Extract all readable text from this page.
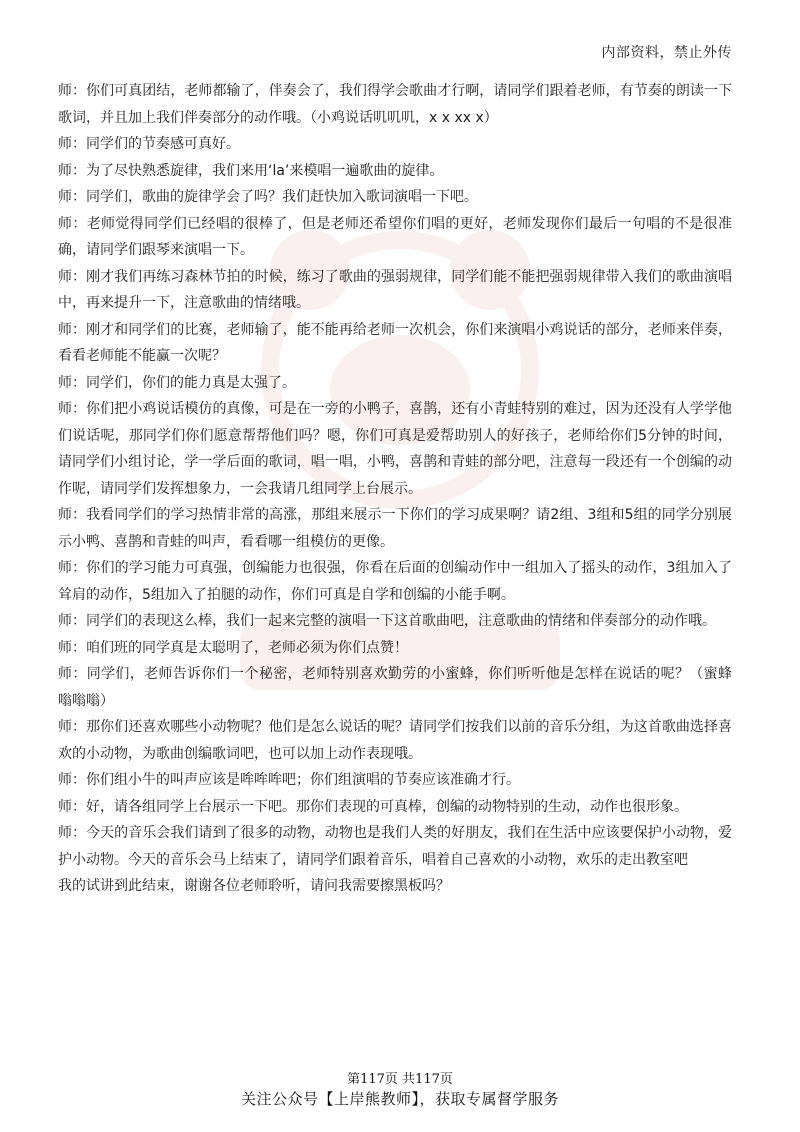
内部资料，禁止外传

师：你们可真团结，老师都输了，伴奏会了，我们得学会歌曲才行啊，请同学们跟着老师，有节奏的朗读一下歌词，并且加上我们伴奏部分的动作哦。（小鸡说话叽叽叽，x x xx x）

师：同学们的节奏感可真好。

师：为了尽快熟悉旋律，我们来用‘la’来模唱一遍歌曲的旋律。

师：同学们，歌曲的旋律学会了吗？我们赶快加入歌词演唱一下吧。

师：老师觉得同学们已经唱的很棒了，但是老师还希望你们唱的更好，老师发现你们最后一句唱的不是很准确，请同学们跟琴来演唱一下。

师：刚才我们再练习森林节拍的时候，练习了歌曲的强弱规律，同学们能不能把强弱规律带入我们的歌曲演唱中，再来提升一下，注意歌曲的情绪哦。

师：刚才和同学们的比赛，老师输了，能不能再给老师一次机会，你们来演唱小鸡说话的部分，老师来伴奏，看看老师能不能赢一次呢？

师：同学们，你们的能力真是太强了。

师：你们把小鸡说话模仿的真像，可是在一旁的小鸭子，喜鹊，还有小青蛙特别的难过，因为还没有人学学他们说话呢，那同学们你们愿意帮帮他们吗？嗯，你们可真是爱帮助别人的好孩子，老师给你们5分钟的时间，请同学们小组讨论，学一学后面的歌词，唱一唱，小鸭，喜鹊和青蛙的部分吧，注意每一段还有一个创编的动作呢，请同学们发挥想象力，一会我请几组同学上台展示。

师：我看同学们的学习热情非常的高涨，那组来展示一下你们的学习成果啊？请2组、3组和5组的同学分别展示小鸭、喜鹊和青蛙的叫声，看看哪一组模仿的更像。

师：你们的学习能力可真强，创编能力也很强，你看在后面的创编动作中一组加入了摇头的动作，3组加入了耸肩的动作，5组加入了拍腿的动作，你们可真是自学和创编的小能手啊。

师：同学们的表现这么棒，我们一起来完整的演唱一下这首歌曲吧，注意歌曲的情绪和伴奏部分的动作哦。

师：咱们班的同学真是太聪明了，老师必须为你们点赞！

师：同学们，老师告诉你们一个秘密，老师特别喜欢勤劳的小蜜蜂，你们听听他是怎样在说话的呢？（蜜蜂 嗡嗡嗡）

师：那你们还喜欢哪些小动物呢？他们是怎么说话的呢？请同学们按我们以前的音乐分组，为这首歌曲选择喜欢的小动物，为歌曲创编歌词吧，也可以加上动作表现哦。

师：你们组小牛的叫声应该是哞哞哞吧；你们组演唱的节奏应该准确才行。

师：好，请各组同学上台展示一下吧。那你们表现的可真棒，创编的动物特别的生动，动作也很形象。

师：今天的音乐会我们请到了很多的动物，动物也是我们人类的好朋友，我们在生活中应该要保护小动物，爱护小动物。今天的音乐会马上结束了，请同学们跟着音乐，唱着自己喜欢的小动物，欢乐的走出教室吧

我的试讲到此结束，谢谢各位老师聆听，请问我需要擦黑板吗？

第117页 共117页
关注公众号【上岸熊教师】，获取专属督学服务
